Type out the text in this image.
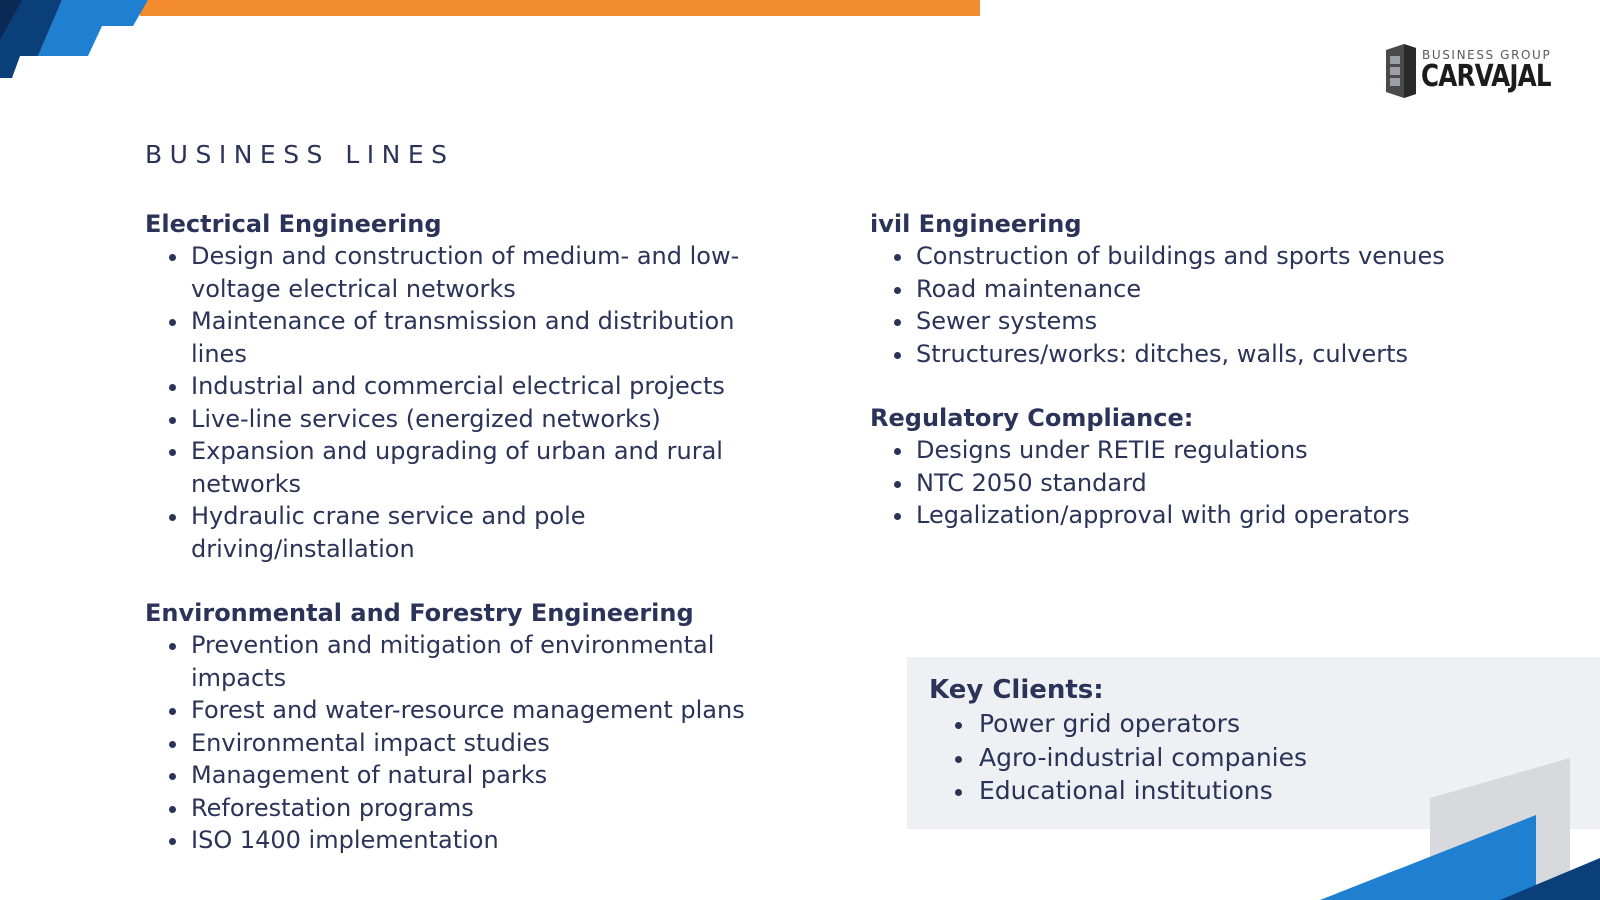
BUSINESS GROUP
CARVAJAL
BUSINESS LINES
Electrical Engineering
Design and construction of medium- and low-voltage electrical networks
Maintenance of transmission and distribution lines
Industrial and commercial electrical projects
Live-line services (energized networks)
Expansion and upgrading of urban and rural networks
Hydraulic crane service and pole driving/installation
Environmental and Forestry Engineering
Prevention and mitigation of environmental impacts
Forest and water-resource management plans
Environmental impact studies
Management of natural parks
Reforestation programs
ISO 1400 implementation
ivil Engineering
Construction of buildings and sports venues
Road maintenance
Sewer systems
Structures/works: ditches, walls, culverts
Regulatory Compliance:
Designs under RETIE regulations
NTC 2050 standard
Legalization/approval with grid operators
Key Clients:
Power grid operators
Agro-industrial companies
Educational institutions
